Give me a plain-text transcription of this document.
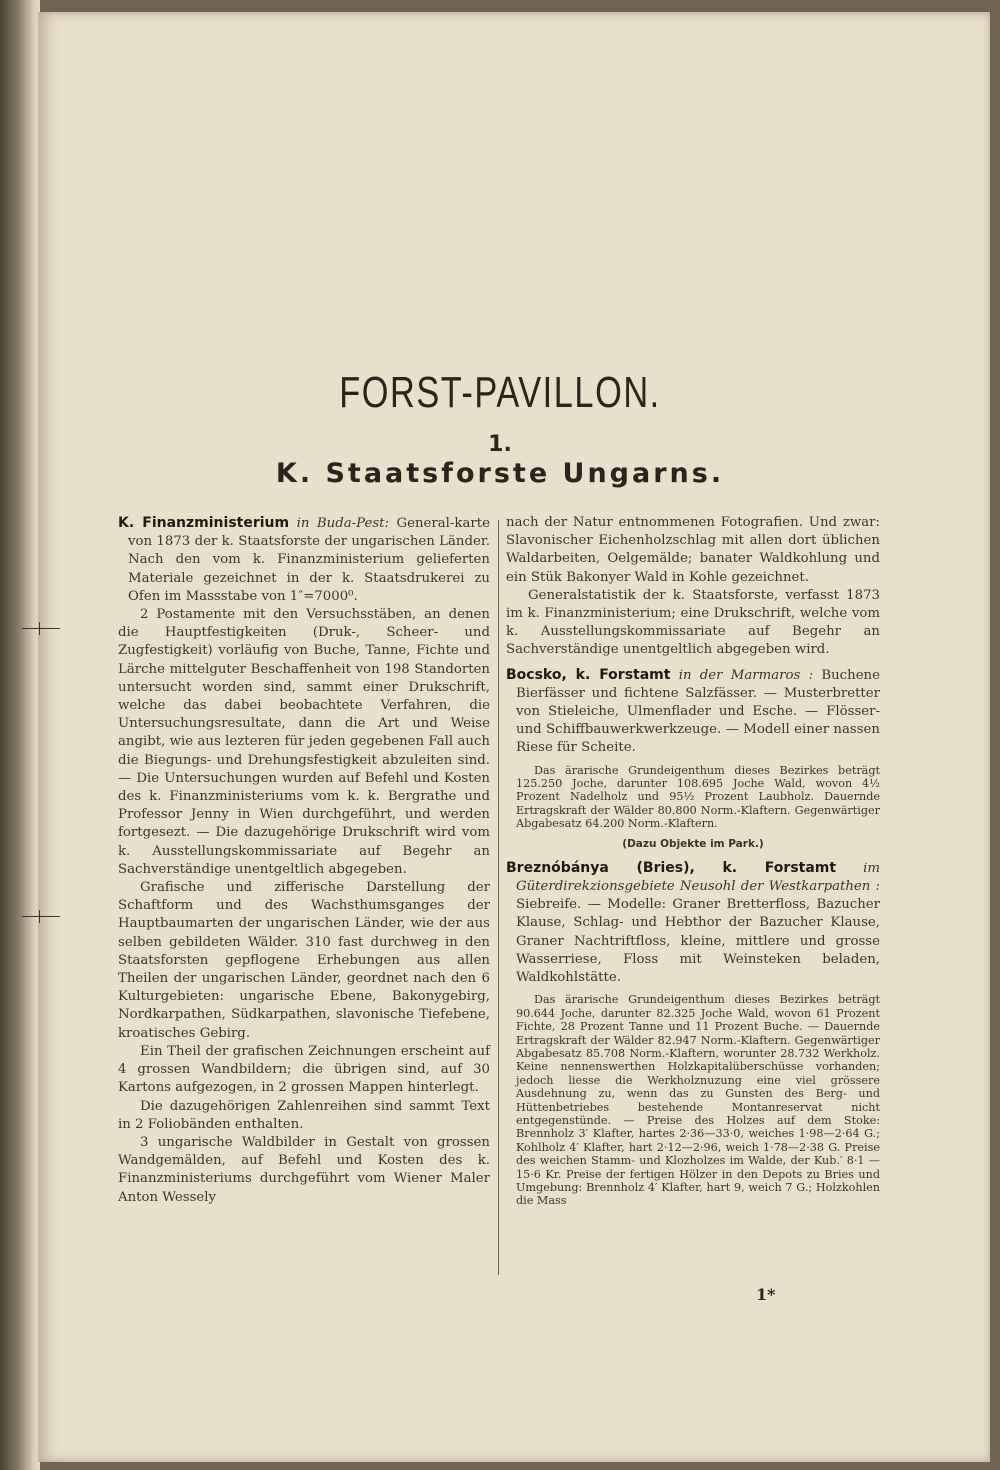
FORST-PAVILLON.
1.
K. Staatsforste Ungarns.

K. Finanzministerium in Buda-Pest: General-karte von 1873 der k. Staatsforste der ungarischen Länder. Nach den vom k. Finanzministerium gelieferten Materiale gezeichnet in der k. Staatsdrukerei zu Ofen im Massstabe von 1″=7000⁰.

2 Postamente mit den Versuchsstäben, an denen die Hauptfestigkeiten (Druk-, Scheer- und Zugfestigkeit) vorläufig von Buche, Tanne, Fichte und Lärche mittelguter Beschaffenheit von 198 Standorten untersucht worden sind, sammt einer Drukschrift, welche das dabei beobachtete Verfahren, die Untersuchungsresultate, dann die Art und Weise angibt, wie aus lezteren für jeden gegebenen Fall auch die Biegungs- und Drehungsfestigkeit abzuleiten sind. — Die Untersuchungen wurden auf Befehl und Kosten des k. Finanzministeriums vom k. k. Bergrathe und Professor Jenny in Wien durchgeführt, und werden fortgesezt. — Die dazugehörige Drukschrift wird vom k. Ausstellungskommissariate auf Begehr an Sachverständige unentgeltlich abgegeben.

Grafische und zifferische Darstellung der Schaftform und des Wachsthumsganges der Hauptbaumarten der ungarischen Länder, wie der aus selben gebildeten Wälder. 310 fast durchweg in den Staatsforsten gepflogene Erhebungen aus allen Theilen der ungarischen Länder, geordnet nach den 6 Kulturgebieten: ungarische Ebene, Bakonygebirg, Nordkarpathen, Südkarpathen, slavonische Tiefebene, kroatisches Gebirg.

Ein Theil der grafischen Zeichnungen erscheint auf 4 grossen Wandbildern; die übrigen sind, auf 30 Kartons aufgezogen, in 2 grossen Mappen hinterlegt.

Die dazugehörigen Zahlenreihen sind sammt Text in 2 Foliobänden enthalten.

3 ungarische Waldbilder in Gestalt von grossen Wandgemälden, auf Befehl und Kosten des k. Finanzministeriums durchgeführt vom Wiener Maler Anton Wessely

nach der Natur entnommenen Fotografien. Und zwar: Slavonischer Eichenholzschlag mit allen dort üblichen Waldarbeiten, Oelgemälde; banater Waldkohlung und ein Stük Bakonyer Wald in Kohle gezeichnet.

Generalstatistik der k. Staatsforste, verfasst 1873 im k. Finanzministerium; eine Drukschrift, welche vom k. Ausstellungskommissariate auf Begehr an Sachverständige unentgeltlich abgegeben wird.

Bocsko, k. Forstamt in der Marmaros : Buchene Bierfässer und fichtene Salzfässer. — Musterbretter von Stieleiche, Ulmenflader und Esche. — Flösser- und Schiffbauwerkwerkzeuge. — Modell einer nassen Riese für Scheite.

Das ärarische Grundeigenthum dieses Bezirkes beträgt 125.250 Joche, darunter 108.695 Joche Wald, wovon 4½ Prozent Nadelholz und 95½ Prozent Laubholz. Dauernde Ertragskraft der Wälder 80.800 Norm.-Klaftern. Gegenwärtiger Abgabesatz 64.200 Norm.-Klaftern.

(Dazu Objekte im Park.)

Breznóbánya (Bries), k. Forstamt im Güterdirekzionsgebiete Neusohl der Westkarpathen : Siebreife. — Modelle: Graner Bretterfloss, Bazucher Klause, Schlag- und Hebthor der Bazucher Klause, Graner Nachtriftfloss, kleine, mittlere und grosse Wasserriese, Floss mit Weinsteken beladen, Waldkohlstätte.

Das ärarische Grundeigenthum dieses Bezirkes beträgt 90.644 Joche, darunter 82.325 Joche Wald, wovon 61 Prozent Fichte, 28 Prozent Tanne und 11 Prozent Buche. — Dauernde Ertragskraft der Wälder 82.947 Norm.-Klaftern. Gegenwärtiger Abgabesatz 85.708 Norm.-Klaftern, worunter 28.732 Werkholz. Keine nennenswerthen Holzkapitalüberschüsse vorhanden; jedoch liesse die Werkholznuzung eine viel grössere Ausdehnung zu, wenn das zu Gunsten des Berg- und Hüttenbetriebes bestehende Montanreservat nicht entgegenstünde. — Preise des Holzes auf dem Stoke: Brennholz 3′ Klafter, hartes 2·36—33·0, weiches 1·98—2·64 G.; Kohlholz 4′ Klafter, hart 2·12—2·96, weich 1·78—2·38 G. Preise des weichen Stamm- und Klozholzes im Walde, der Kub.′ 8·1 — 15·6 Kr. Preise der fertigen Hölzer in den Depots zu Bries und Umgebung: Brennholz 4′ Klafter, hart 9, weich 7 G.; Holzkohlen die Mass

1*
